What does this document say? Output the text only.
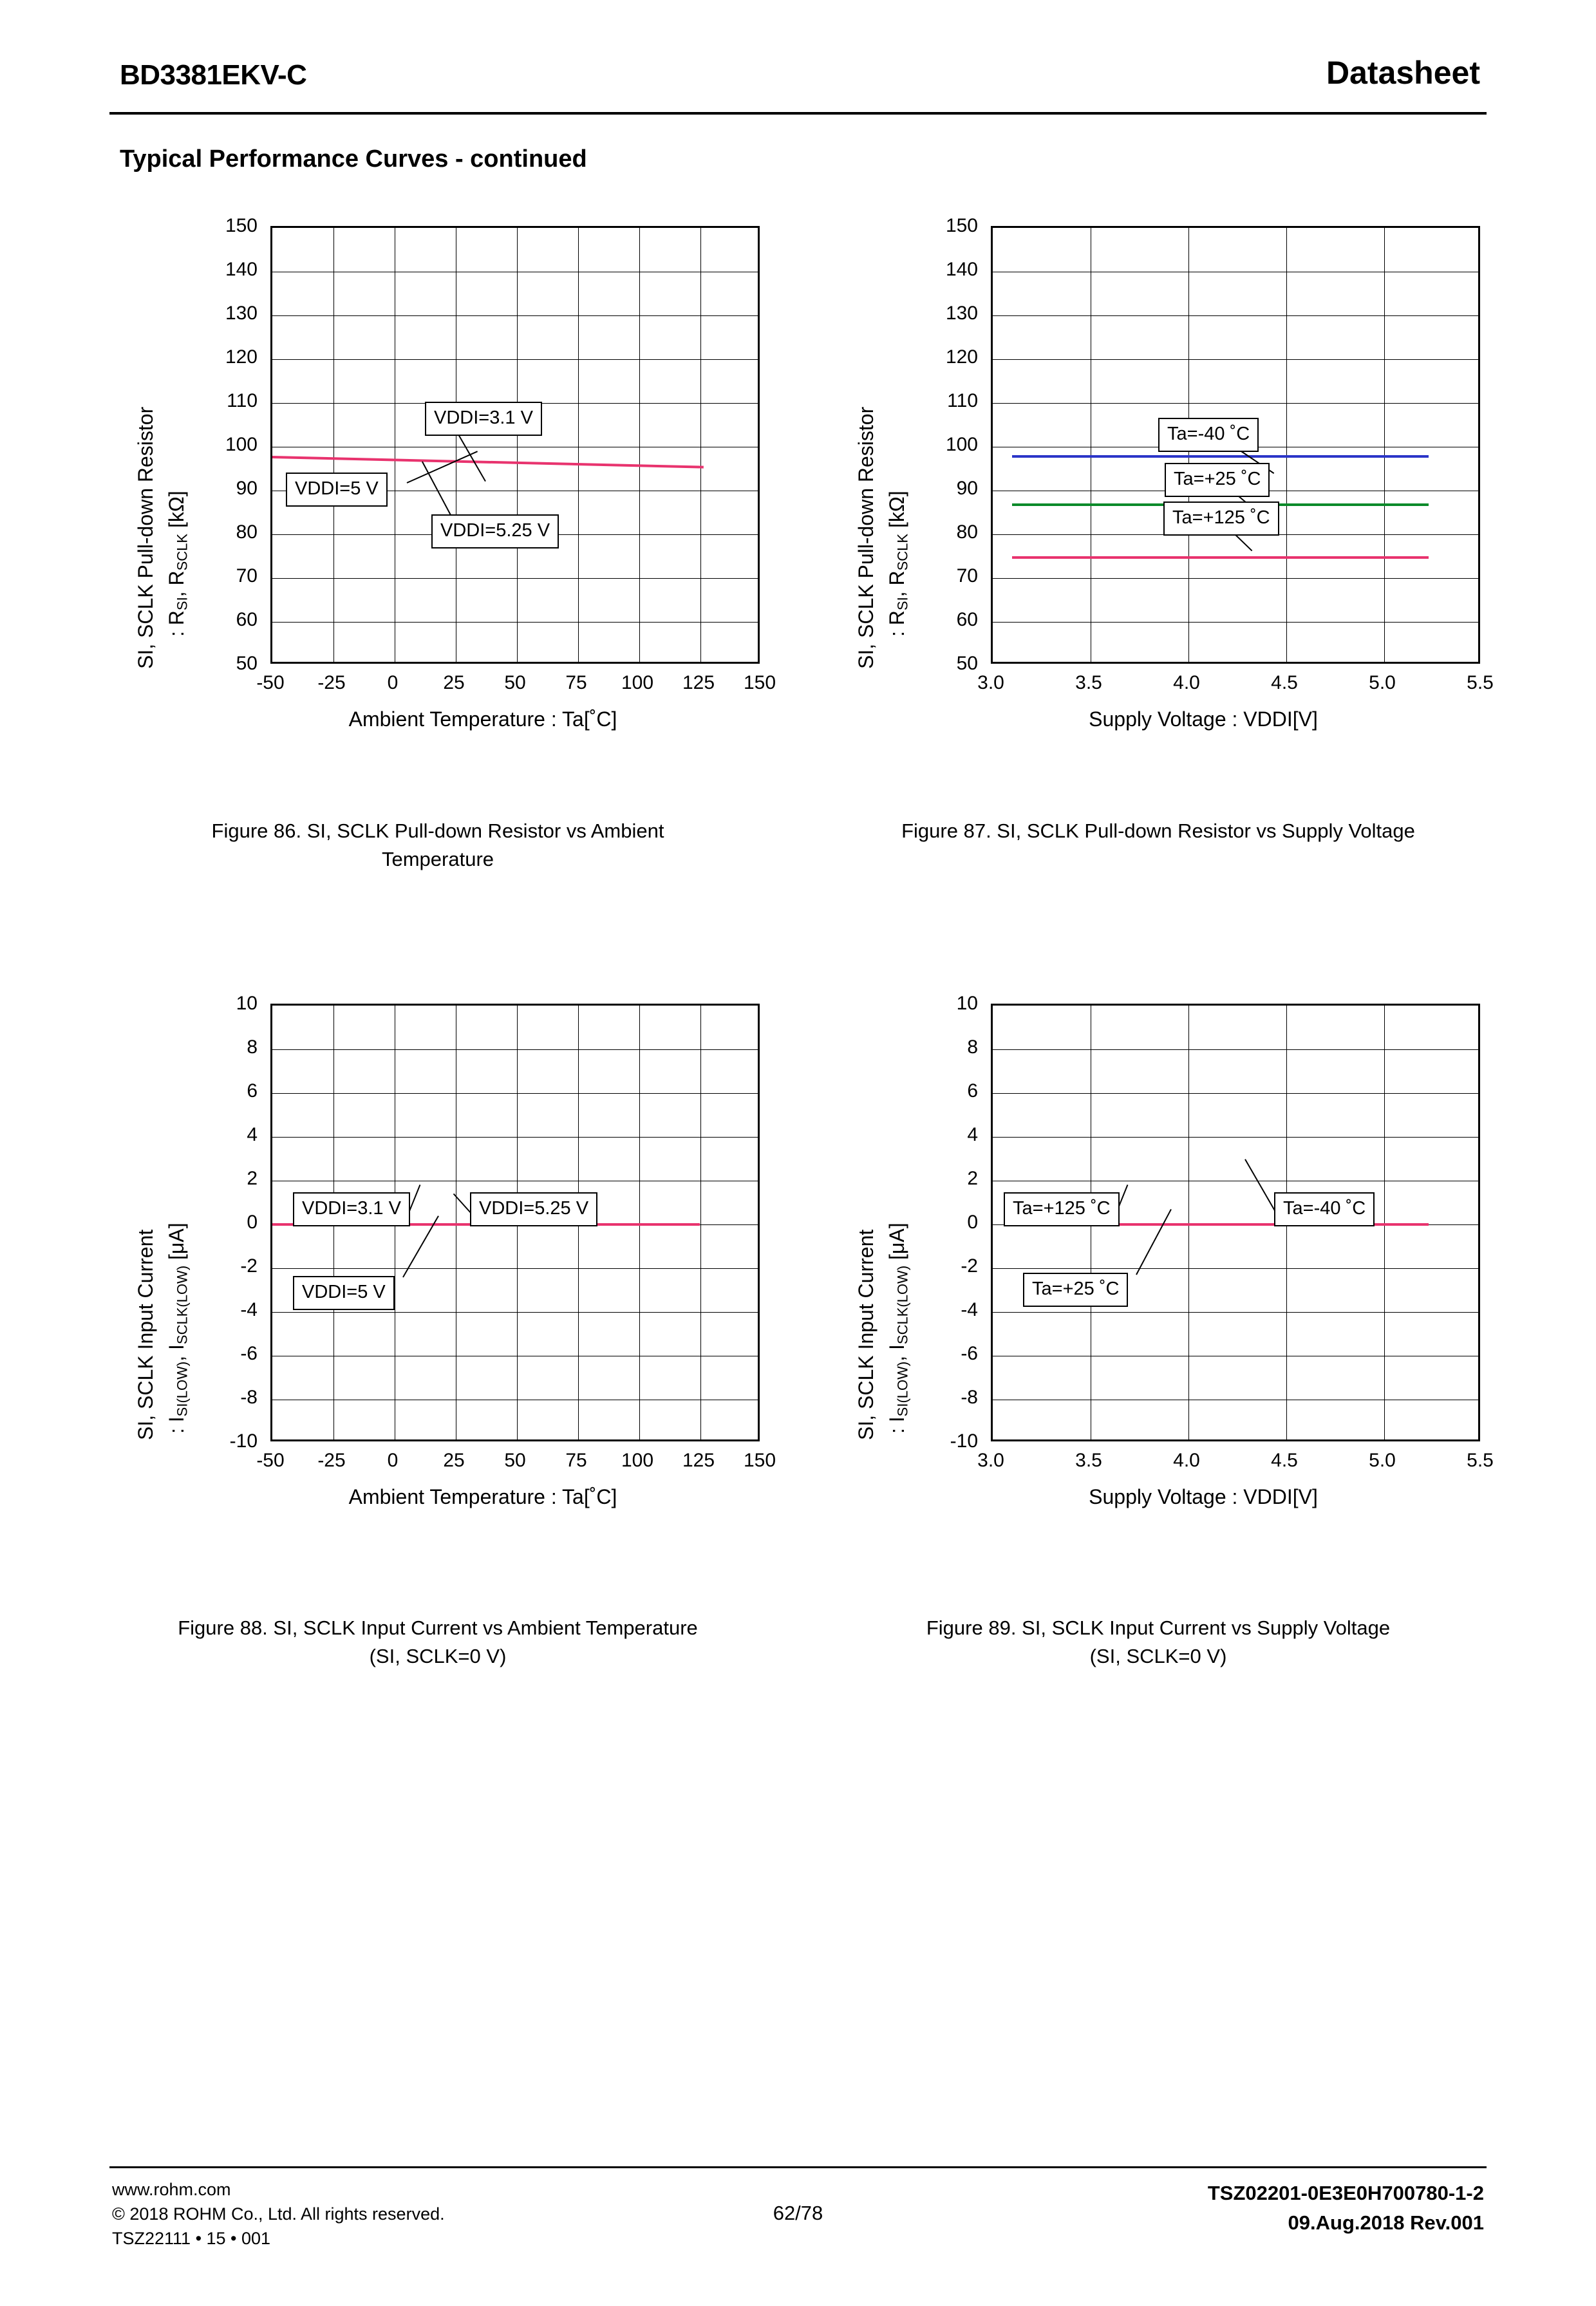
BD3381EKV-C	Datasheet
Typical Performance Curves - continued
SI, SCLK Pull-down Resistor : $R_{SI}$, $R_{SCLK}$ [kΩ]
150
140
130
120
110
100
90
80
70
60
50
VDDI=3.1 V
VDDI=5 V
VDDI=5.25 V
-50 -25 0 25 50 75 100 125 150
Ambient Temperature : Ta[˚C]
Figure 86. SI, SCLK Pull-down Resistor vs Ambient
Temperature
SI, SCLK Pull-down Resistor : $R_{SI}$, $R_{SCLK}$ [kΩ]
150
140
130
120
110
100
90
80
70
60
50
Ta=-40 ˚C
Ta=+25 ˚C
Ta=+125 ˚C
3.0	3.5	4.0	4.5	5.0	5.5
Supply Voltage : VDDI[V]
Figure 87. SI, SCLK Pull-down Resistor vs Supply Voltage
SI, SCLK Input Current : $I_{SI(LOW)}$, $I_{SCLK(LOW)}$ [μA]
10
8
6
4
2
0
-2
-4
-6
-8
-10
VDDI=3.1 V	VDDI=5.25 V
VDDI=5 V
-50 -25 0 25 50 75 100 125 150
Ambient Temperature : Ta[˚C]
Figure 88. SI, SCLK Input Current vs Ambient Temperature
(SI, SCLK=0 V)
SI, SCLK Input Current : $I_{SI(LOW)}$, $I_{SCLK(LOW)}$ [μA]
10
8
6
4
2
0
-2
-4
-6
-8
-10
Ta=+125 ˚C	Ta=-40 ˚C
Ta=+25 ˚C
3.0	3.5	4.0	4.5	5.0	5.5
Supply Voltage : VDDI[V]
Figure 89. SI, SCLK Input Current vs Supply Voltage
(SI, SCLK=0 V)
www.rohm.com
© 2018 ROHM Co., Ltd. All rights reserved.
TSZ22111 • 15 • 001
62/78
TSZ02201-0E3E0H700780-1-2
09.Aug.2018 Rev.001
